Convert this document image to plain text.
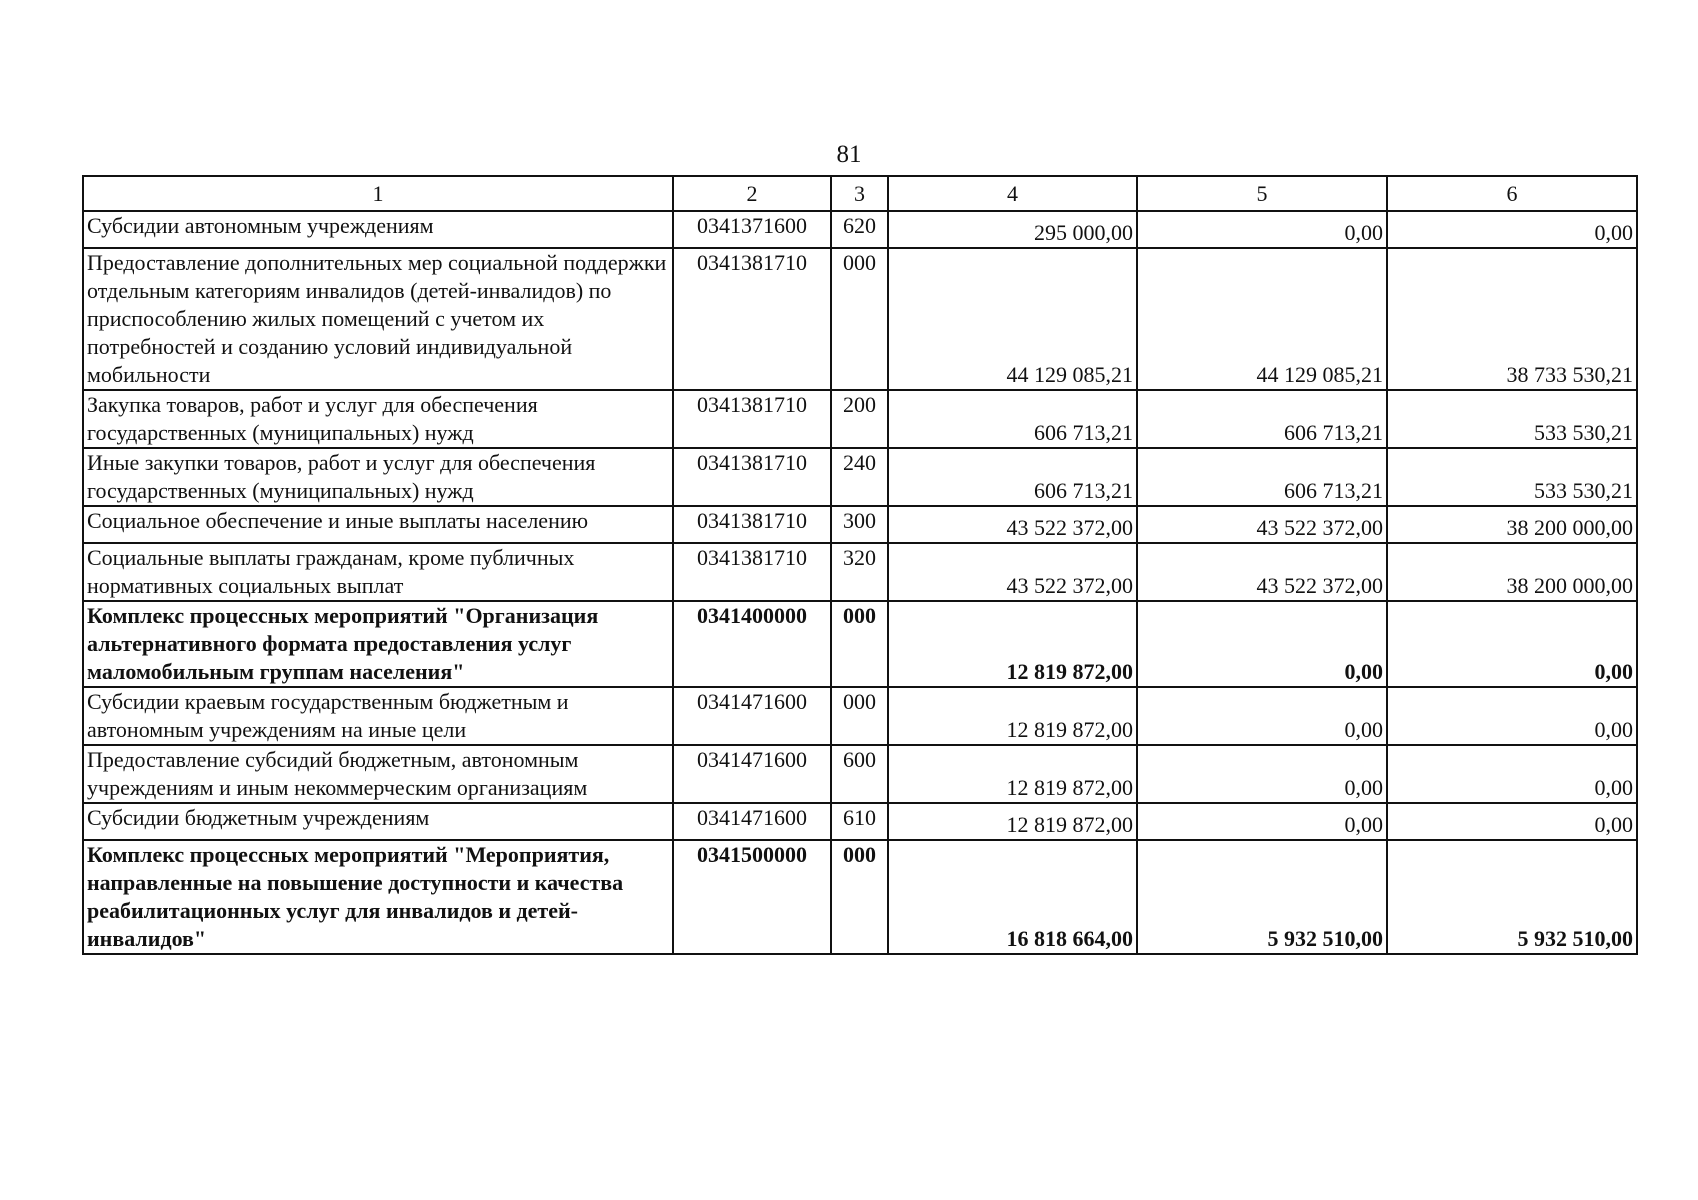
81
1	2	3	4	5	6
Субсидии автономным учреждениям	0341371600	620	295 000,00	0,00	0,00
Предоставление дополнительных мер социальной поддержки отдельным категориям инвалидов (детей-инвалидов) по приспособлению жилых помещений с учетом их потребностей и созданию условий индивидуальной мобильности	0341381710	000	44 129 085,21	44 129 085,21	38 733 530,21
Закупка товаров, работ и услуг для обеспечения государственных (муниципальных) нужд	0341381710	200	606 713,21	606 713,21	533 530,21
Иные закупки товаров, работ и услуг для обеспечения государственных (муниципальных) нужд	0341381710	240	606 713,21	606 713,21	533 530,21
Социальное обеспечение и иные выплаты населению	0341381710	300	43 522 372,00	43 522 372,00	38 200 000,00
Социальные выплаты гражданам, кроме публичных нормативных социальных выплат	0341381710	320	43 522 372,00	43 522 372,00	38 200 000,00
Комплекс процессных мероприятий "Организация альтернативного формата предоставления услуг маломобильным группам населения"	0341400000	000	12 819 872,00	0,00	0,00
Субсидии краевым государственным бюджетным и автономным учреждениям на иные цели	0341471600	000	12 819 872,00	0,00	0,00
Предоставление субсидий бюджетным, автономным учреждениям и иным некоммерческим организациям	0341471600	600	12 819 872,00	0,00	0,00
Субсидии бюджетным учреждениям	0341471600	610	12 819 872,00	0,00	0,00
Комплекс процессных мероприятий "Мероприятия, направленные на повышение доступности и качества реабилитационных услуг для инвалидов и детей-инвалидов"	0341500000	000	16 818 664,00	5 932 510,00	5 932 510,00
